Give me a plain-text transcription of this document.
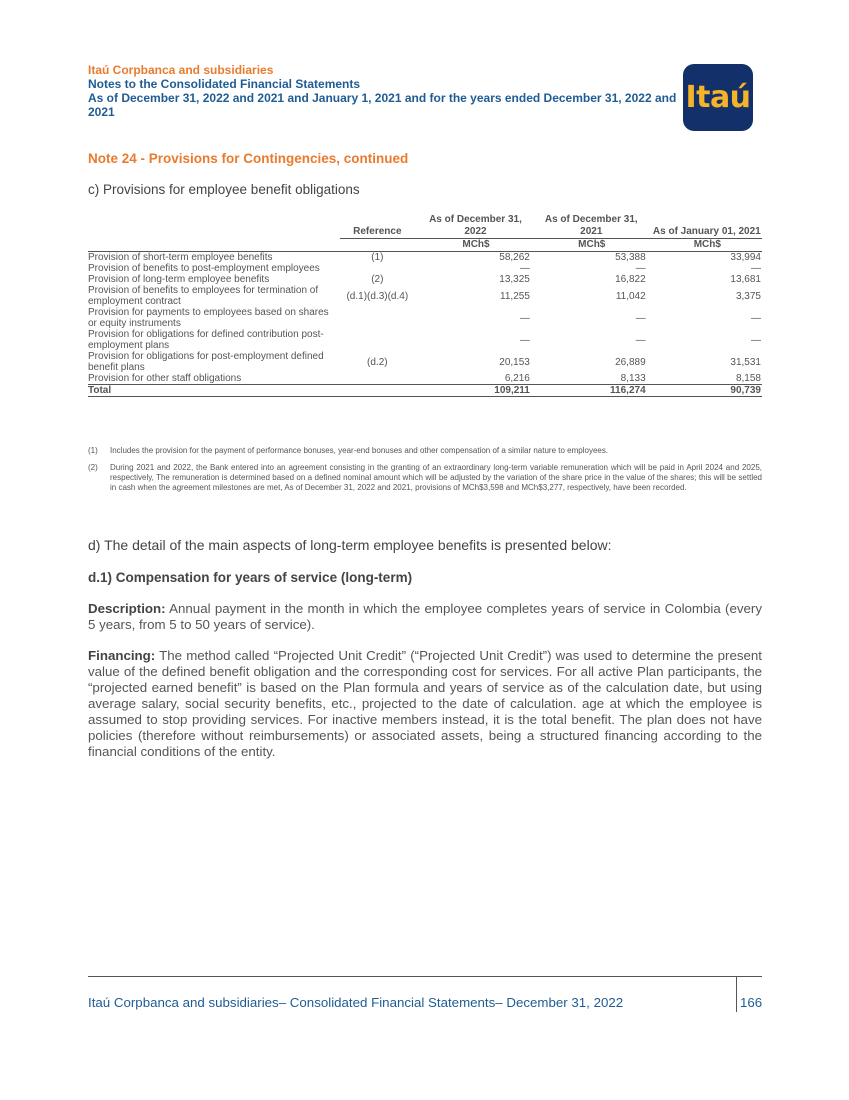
Itaú Corpbanca and subsidiaries
Notes to the Consolidated Financial Statements
As of December 31, 2022 and 2021 and January 1, 2021 and for the years ended December 31, 2022 and 2021	Itaú
Note 24 - Provisions for Contingencies, continued
c) Provisions for employee benefit obligations
	Reference	As of December 31, 2022	As of December 31, 2021	As of January 01, 2021
		MCh$	MCh$	MCh$
Provision of short-term employee benefits	(1)	58,262	53,388	33,994
Provision of benefits to post-employment employees		—	—	—
Provision of long-term employee benefits	(2)	13,325	16,822	13,681
Provision of benefits to employees for termination of employment contract	(d.1)(d.3)(d.4)	11,255	11,042	3,375
Provision for payments to employees based on shares or equity instruments		—	—	—
Provision for obligations for defined contribution post-employment plans		—	—	—
Provision for obligations for post-employment defined benefit plans	(d.2)	20,153	26,889	31,531
Provision for other staff obligations		6,216	8,133	8,158
Total		109,211	116,274	90,739
(1)	Includes the provision for the payment of performance bonuses, year-end bonuses and other compensation of a similar nature to employees.
(2)	During 2021 and 2022, the Bank entered into an agreement consisting in the granting of an extraordinary long-term variable remuneration which will be paid in April 2024 and 2025, respectively, The remuneration is determined based on a defined nominal amount which will be adjusted by the variation of the share price in the value of the shares; this will be settled in cash when the agreement milestones are met, As of December 31, 2022 and 2021, provisions of MCh$3,598 and MCh$3,277, respectively, have been recorded.
d) The detail of the main aspects of long-term employee benefits is presented below:
d.1) Compensation for years of service (long-term)
Description: Annual payment in the month in which the employee completes years of service in Colombia (every 5 years, from 5 to 50 years of service).
Financing: The method called “Projected Unit Credit” (“Projected Unit Credit”) was used to determine the present value of the defined benefit obligation and the corresponding cost for services. For all active Plan participants, the “projected earned benefit” is based on the Plan formula and years of service as of the calculation date, but using average salary, social security benefits, etc., projected to the date of calculation. age at which the employee is assumed to stop providing services. For inactive members instead, it is the total benefit. The plan does not have policies (therefore without reimbursements) or associated assets, being a structured financing according to the financial conditions of the entity.
Itaú Corpbanca and subsidiaries– Consolidated Financial Statements– December 31, 2022	166
